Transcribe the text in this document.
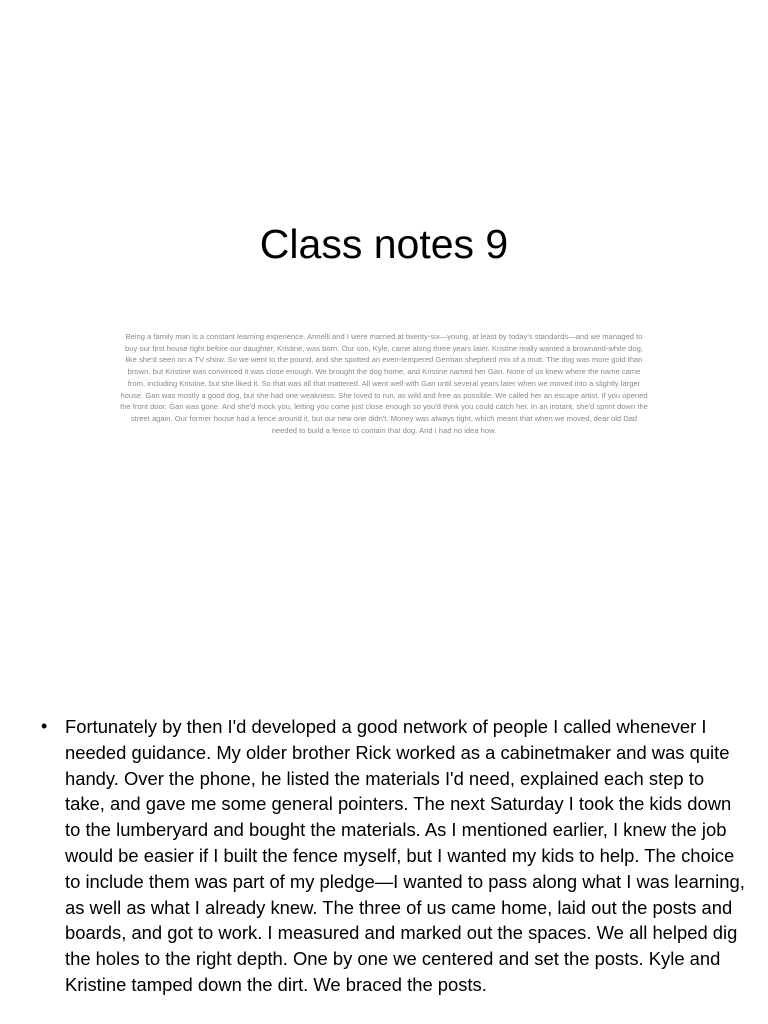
Class notes 9

Being a family man is a constant learning experience. Annelli and I were married at twenty-six—young, at least by today's standards—and we managed to buy our first house right before our daughter, Kristine, was born. Our son, Kyle, came along three years later. Kristine really wanted a brownand-white dog, like she'd seen on a TV show. So we went to the pound, and she spotted an even-tempered German shepherd mix of a mutt. The dog was more gold than brown, but Kristine was convinced it was close enough. We brought the dog home, and Kristine named her Gan. None of us knew where the name came from, including Kristine, but she liked it. So that was all that mattered. All went well with Gan until several years later when we moved into a slightly larger house. Gan was mostly a good dog, but she had one weakness. She loved to run, as wild and free as possible. We called her an escape artist. If you opened the front door, Gan was gone. And she'd mock you, letting you come just close enough so you'd think you could catch her. In an instant, she'd sprint down the street again. Our former house had a fence around it, but our new one didn't. Money was always tight, which meant that when we moved, dear old Dad needed to build a fence to contain that dog. And I had no idea how.

• Fortunately by then I'd developed a good network of people I called whenever I needed guidance. My older brother Rick worked as a cabinetmaker and was quite handy. Over the phone, he listed the materials I'd need, explained each step to take, and gave me some general pointers. The next Saturday I took the kids down to the lumberyard and bought the materials. As I mentioned earlier, I knew the job would be easier if I built the fence myself, but I wanted my kids to help. The choice to include them was part of my pledge—I wanted to pass along what I was learning, as well as what I already knew. The three of us came home, laid out the posts and boards, and got to work. I measured and marked out the spaces. We all helped dig the holes to the right depth. One by one we centered and set the posts. Kyle and Kristine tamped down the dirt. We braced the posts.
